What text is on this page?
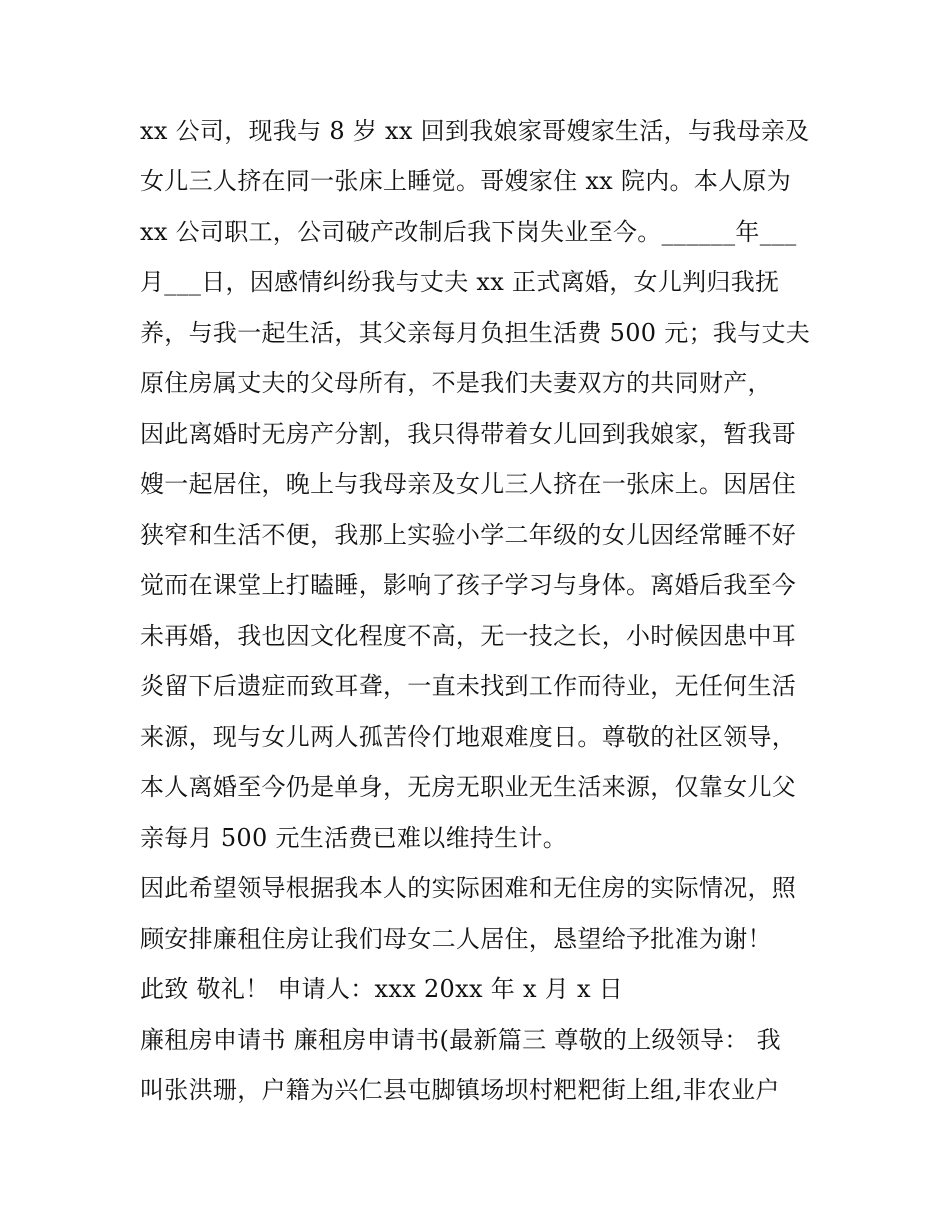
xx 公司，现我与 8 岁 xx 回到我娘家哥嫂家生活，与我母亲及
女儿三人挤在同一张床上睡觉。哥嫂家住 xx 院内。本人原为
xx 公司职工，公司破产改制后我下岗失业至今。______年___
月___日，因感情纠纷我与丈夫 xx 正式离婚，女儿判归我抚
养，与我一起生活，其父亲每月负担生活费 500 元；我与丈夫
原住房属丈夫的父母所有，不是我们夫妻双方的共同财产，
因此离婚时无房产分割，我只得带着女儿回到我娘家，暂我哥
嫂一起居住，晚上与我母亲及女儿三人挤在一张床上。因居住
狭窄和生活不便，我那上实验小学二年级的女儿因经常睡不好
觉而在课堂上打瞌睡，影响了孩子学习与身体。离婚后我至今
未再婚，我也因文化程度不高，无一技之长，小时候因患中耳
炎留下后遗症而致耳聋，一直未找到工作而待业，无任何生活
来源，现与女儿两人孤苦伶仃地艰难度日。尊敬的社区领导，
本人离婚至今仍是单身，无房无职业无生活来源，仅靠女儿父
亲每月 500 元生活费已难以维持生计。
因此希望领导根据我本人的实际困难和无住房的实际情况，照
顾安排廉租住房让我们母女二人居住，恳望给予批准为谢！
此致 敬礼！ 申请人：xxx 20xx 年 x 月 x 日
廉租房申请书 廉租房申请书(最新篇三 尊敬的上级领导： 我
叫张洪珊，户籍为兴仁县屯脚镇场坝村粑粑街上组,非农业户
